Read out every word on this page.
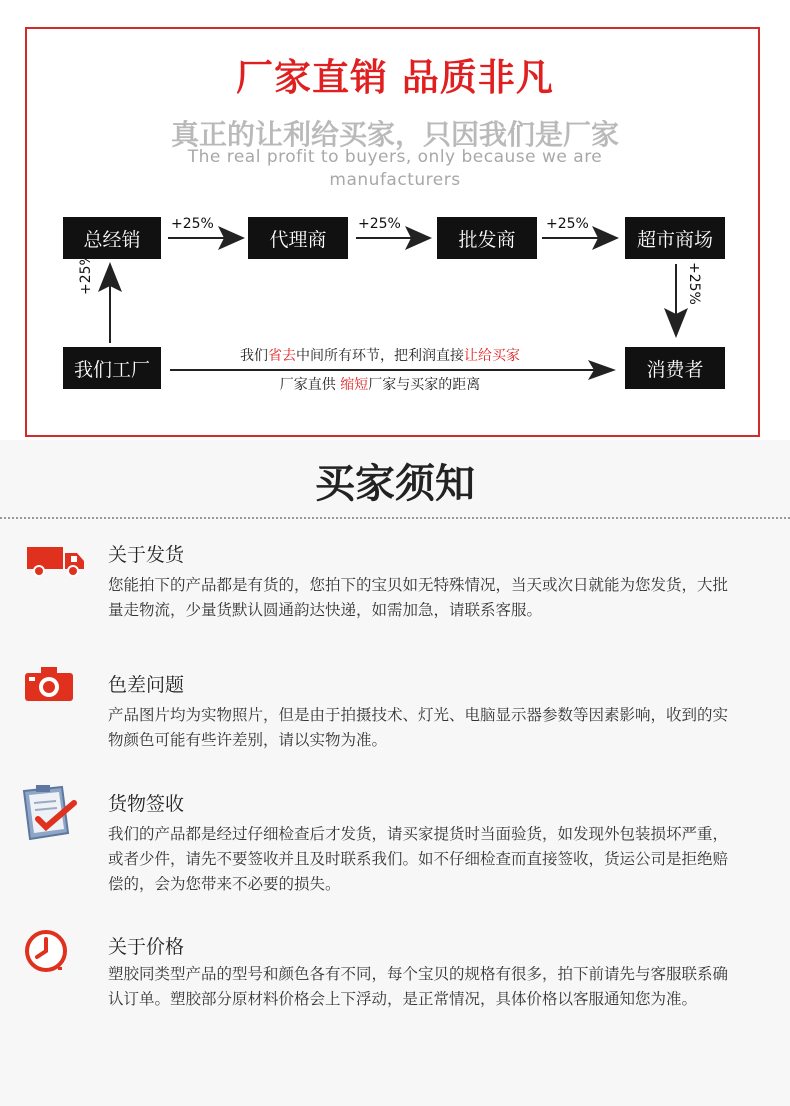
厂家直销 品质非凡
真正的让利给买家，只因我们是厂家
The real profit to buyers, only because we are manufacturers
总经销	代理商	批发商	超市商场
我们工厂	消费者
+25%	+25%	+25%
+25%	+25%
我们省去中间所有环节，把利润直接让给买家
厂家直供 缩短厂家与买家的距离
买家须知
关于发货
您能拍下的产品都是有货的，您拍下的宝贝如无特殊情况，当天或次日就能为您发货，大批量走物流，少量货默认圆通韵达快递，如需加急，请联系客服。
色差问题
产品图片均为实物照片，但是由于拍摄技术、灯光、电脑显示器参数等因素影响，收到的实物颜色可能有些许差别，请以实物为准。
货物签收
我们的产品都是经过仔细检查后才发货，请买家提货时当面验货，如发现外包装损坏严重，或者少件，请先不要签收并且及时联系我们。如不仔细检查而直接签收，货运公司是拒绝赔偿的，会为您带来不必要的损失。
关于价格
塑胶同类型产品的型号和颜色各有不同，每个宝贝的规格有很多，拍下前请先与客服联系确认订单。塑胶部分原材料价格会上下浮动，是正常情况，具体价格以客服通知您为准。
